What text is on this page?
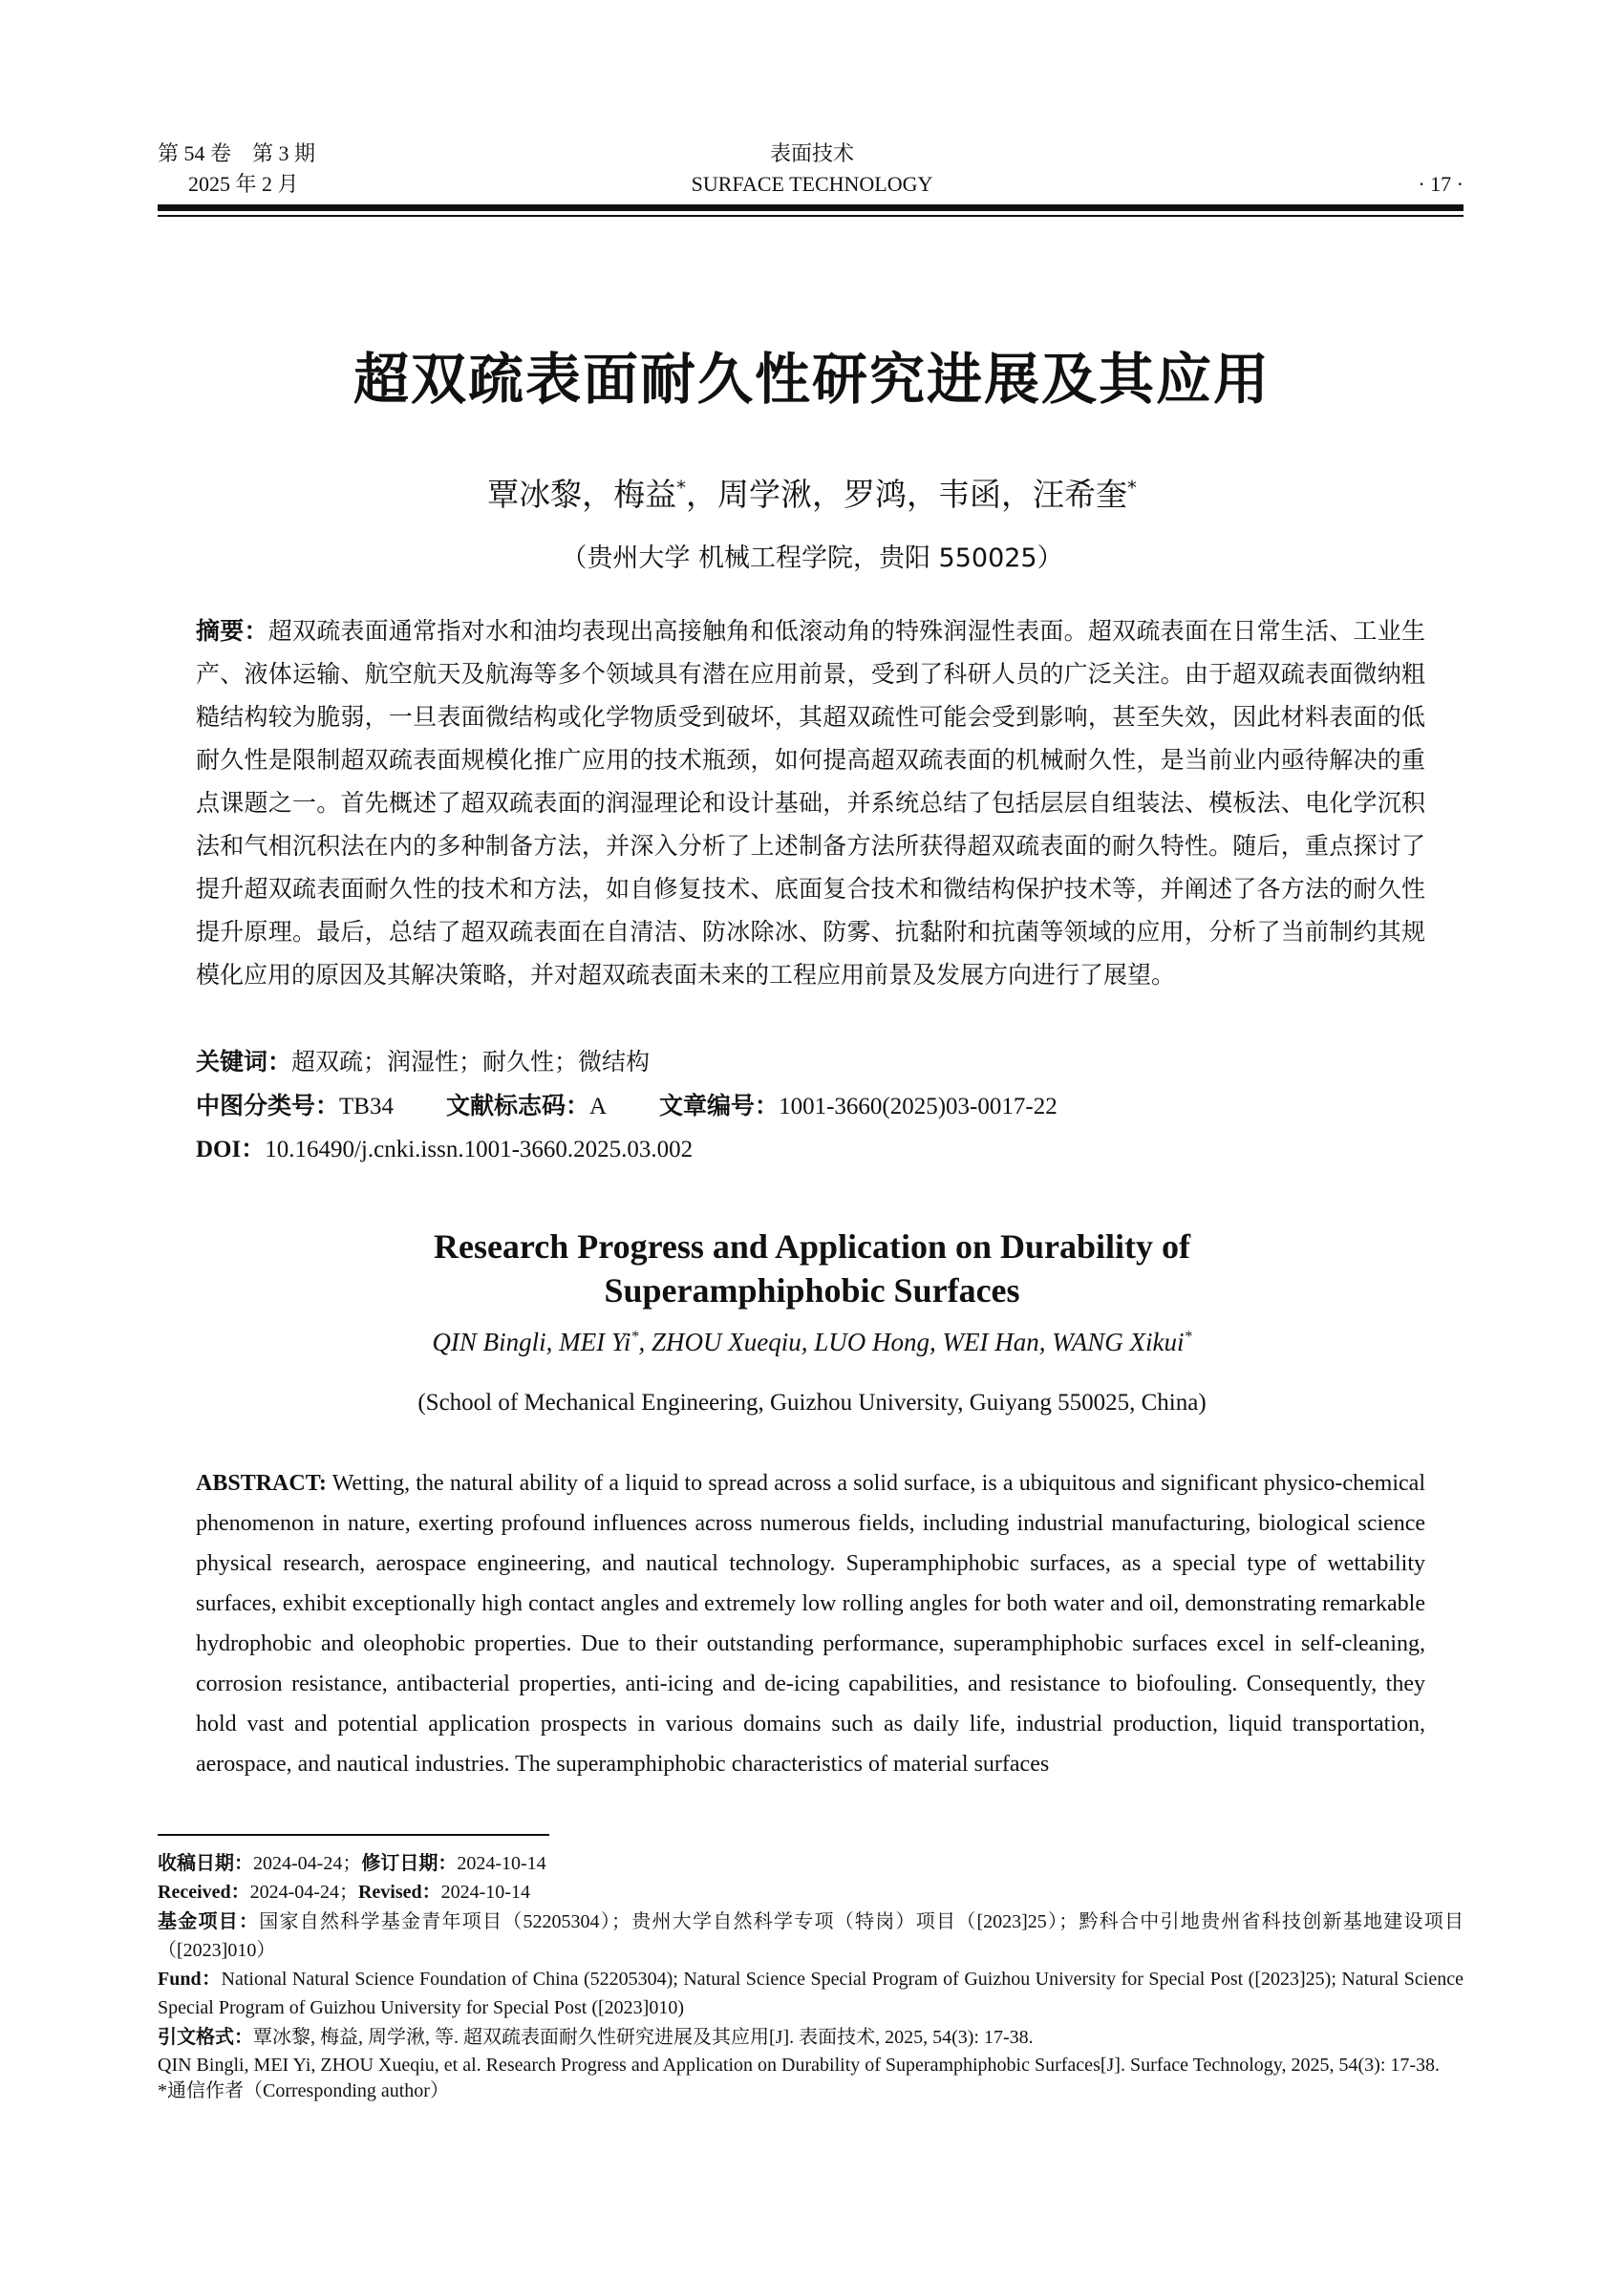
第 54 卷　第 3 期
2025 年 2 月
表面技术
SURFACE TECHNOLOGY	· 17 ·
超双疏表面耐久性研究进展及其应用
覃冰黎，梅益*，周学湫，罗鸿，韦函，汪希奎*
（贵州大学 机械工程学院，贵阳 550025）
摘要：超双疏表面通常指对水和油均表现出高接触角和低滚动角的特殊润湿性表面。超双疏表面在日常生活、工业生产、液体运输、航空航天及航海等多个领域具有潜在应用前景，受到了科研人员的广泛关注。由于超双疏表面微纳粗糙结构较为脆弱，一旦表面微结构或化学物质受到破坏，其超双疏性可能会受到影响，甚至失效，因此材料表面的低耐久性是限制超双疏表面规模化推广应用的技术瓶颈，如何提高超双疏表面的机械耐久性，是当前业内亟待解决的重点课题之一。首先概述了超双疏表面的润湿理论和设计基础，并系统总结了包括层层自组装法、模板法、电化学沉积法和气相沉积法在内的多种制备方法，并深入分析了上述制备方法所获得超双疏表面的耐久特性。随后，重点探讨了提升超双疏表面耐久性的技术和方法，如自修复技术、底面复合技术和微结构保护技术等，并阐述了各方法的耐久性提升原理。最后，总结了超双疏表面在自清洁、防冰除冰、防雾、抗黏附和抗菌等领域的应用，分析了当前制约其规模化应用的原因及其解决策略，并对超双疏表面未来的工程应用前景及发展方向进行了展望。
关键词：超双疏；润湿性；耐久性；微结构
中图分类号：TB34 文献标志码：A 文章编号：1001-3660(2025)03-0017-22
DOI：10.16490/j.cnki.issn.1001-3660.2025.03.002
Research Progress and Application on Durability of
Superamphiphobic Surfaces
QIN Bingli, MEI Yi*, ZHOU Xueqiu, LUO Hong, WEI Han, WANG Xikui*
(School of Mechanical Engineering, Guizhou University, Guiyang 550025, China)
ABSTRACT: Wetting, the natural ability of a liquid to spread across a solid surface, is a ubiquitous and significant physico-chemical phenomenon in nature, exerting profound influences across numerous fields, including industrial manufacturing, biological science physical research, aerospace engineering, and nautical technology. Superamphiphobic surfaces, as a special type of wettability surfaces, exhibit exceptionally high contact angles and extremely low rolling angles for both water and oil, demonstrating remarkable hydrophobic and oleophobic properties. Due to their outstanding performance, superamphiphobic surfaces excel in self-cleaning, corrosion resistance, antibacterial properties, anti-icing and de-icing capabilities, and resistance to biofouling. Consequently, they hold vast and potential application prospects in various domains such as daily life, industrial production, liquid transportation, aerospace, and nautical industries. The superamphiphobic characteristics of material surfaces

收稿日期：2024-04-24；修订日期：2024-10-14

Received：2024-04-24；Revised：2024-10-14

基金项目：国家自然科学基金青年项目（52205304）；贵州大学自然科学专项（特岗）项目（[2023]25）；黔科合中引地贵州省科技创新基地建设项目（[2023]010）

Fund：National Natural Science Foundation of China (52205304); Natural Science Special Program of Guizhou University for Special Post ([2023]25); Natural Science Special Program of Guizhou University for Special Post ([2023]010)

引文格式：覃冰黎, 梅益, 周学湫, 等. 超双疏表面耐久性研究进展及其应用[J]. 表面技术, 2025, 54(3): 17-38.

QIN Bingli, MEI Yi, ZHOU Xueqiu, et al. Research Progress and Application on Durability of Superamphiphobic Surfaces[J]. Surface Technology, 2025, 54(3): 17-38.

*通信作者（Corresponding author）
